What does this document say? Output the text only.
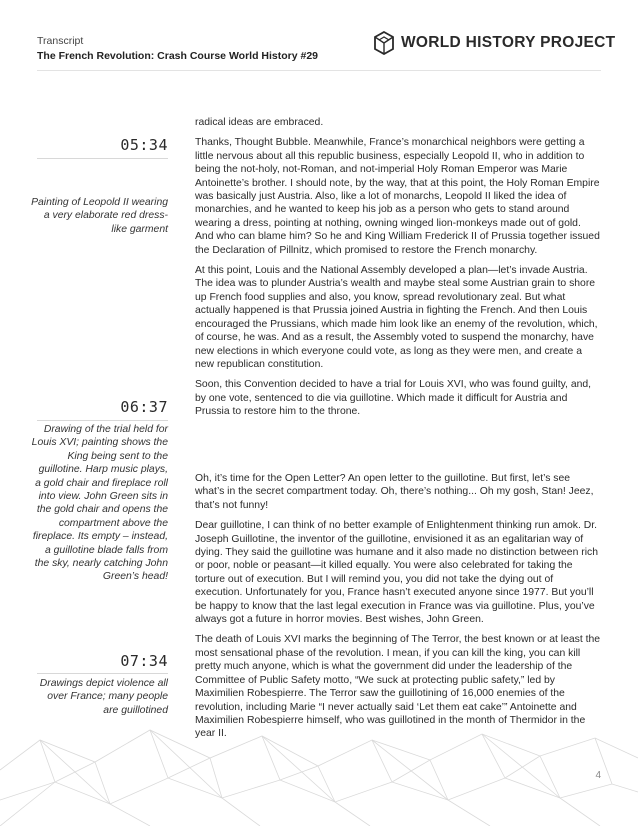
Transcript
The French Revolution: Crash Course World History #29
WORLD HISTORY PROJECT
05:34
Painting of Leopold II wearing a very elaborate red dress-like garment
06:37
Drawing of the trial held for Louis XVI; painting shows the King being sent to the guillotine. Harp music plays, a gold chair and fireplace roll into view. John Green sits in the gold chair and opens the compartment above the fireplace. Its empty – instead, a guillotine blade falls from the sky, nearly catching John Green’s head!
07:34
Drawings depict violence all over France; many people are guillotined

radical ideas are embraced.

Thanks, Thought Bubble. Meanwhile, France’s monarchical neighbors were getting a little nervous about all this republic business, especially Leopold II, who in addition to being the not-holy, not-Roman, and not-imperial Holy Roman Emperor was Marie Antoinette’s brother. I should note, by the way, that at this point, the Holy Roman Empire was basically just Austria. Also, like a lot of monarchs, Leopold II liked the idea of monarchies, and he wanted to keep his job as a person who gets to stand around wearing a dress, pointing at nothing, owning winged lion-monkeys made out of gold. And who can blame him? So he and King William Frederick II of Prussia together issued the Declaration of Pillnitz, which promised to restore the French monarchy.

At this point, Louis and the National Assembly developed a plan—let’s invade Austria. The idea was to plunder Austria’s wealth and maybe steal some Austrian grain to shore up French food supplies and also, you know, spread revolutionary zeal. But what actually happened is that Prussia joined Austria in fighting the French. And then Louis encouraged the Prussians, which made him look like an enemy of the revolution, which, of course, he was. And as a result, the Assembly voted to suspend the monarchy, have new elections in which everyone could vote, as long as they were men, and create a new republican constitution.

Soon, this Convention decided to have a trial for Louis XVI, who was found guilty, and, by one vote, sentenced to die via guillotine. Which made it difficult for Austria and Prussia to restore him to the throne.

Oh, it’s time for the Open Letter? An open letter to the guillotine. But first, let’s see what’s in the secret compartment today. Oh, there’s nothing... Oh my gosh, Stan! Jeez, that’s not funny!

Dear guillotine, I can think of no better example of Enlightenment thinking run amok. Dr. Joseph Guillotine, the inventor of the guillotine, envisioned it as an egalitarian way of dying. They said the guillotine was humane and it also made no distinction between rich or poor, noble or peasant—it killed equally. You were also celebrated for taking the torture out of execution. But I will remind you, you did not take the dying out of execution. Unfortunately for you, France hasn’t executed anyone since 1977. But you’ll be happy to know that the last legal execution in France was via guillotine. Plus, you’ve always got a future in horror movies. Best wishes, John Green.

The death of Louis XVI marks the beginning of The Terror, the best known or at least the most sensational phase of the revolution. I mean, if you can kill the king, you can kill pretty much anyone, which is what the government did under the leadership of the Committee of Public Safety motto, “We suck at protecting public safety,” led by Maximilien Robespierre. The Terror saw the guillotining of 16,000 enemies of the revolution, including Marie “I never actually said ‘Let them eat cake’” Antoinette and Maximilien Robespierre himself, who was guillotined in the month of Thermidor in the year II.

4
